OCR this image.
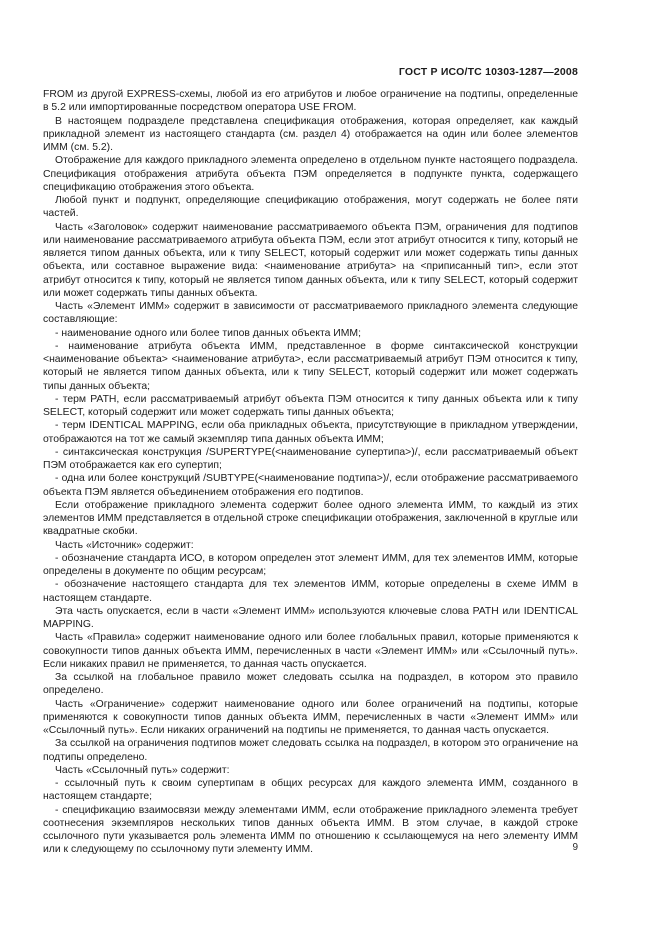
ГОСТ Р ИСО/ТС 10303-1287—2008

FROM из другой EXPRESS-схемы, любой из его атрибутов и любое ограничение на подтипы, определенные в 5.2 или импортированные посредством оператора USE FROM.

В настоящем подразделе представлена спецификация отображения, которая определяет, как каждый прикладной элемент из настоящего стандарта (см. раздел 4) отображается на один или более элементов ИММ (см. 5.2).

Отображение для каждого прикладного элемента определено в отдельном пункте настоящего подраздела. Спецификация отображения атрибута объекта ПЭМ определяется в подпункте пункта, содержащего спецификацию отображения этого объекта.

Любой пункт и подпункт, определяющие спецификацию отображения, могут содержать не более пяти частей.

Часть «Заголовок» содержит наименование рассматриваемого объекта ПЭМ, ограничения для подтипов или наименование рассматриваемого атрибута объекта ПЭМ, если этот атрибут относится к типу, который не является типом данных объекта, или к типу SELECT, который содержит или может содержать типы данных объекта, или составное выражение вида: <наименование атрибута> на <приписанный тип>, если этот атрибут относится к типу, который не является типом данных объекта, или к типу SELECT, который содержит или может содержать типы данных объекта.

Часть «Элемент ИММ» содержит в зависимости от рассматриваемого прикладного элемента следующие составляющие:

- наименование одного или более типов данных объекта ИММ;

- наименование атрибута объекта ИММ, представленное в форме синтаксической конструкции <наименование объекта> <наименование атрибута>, если рассматриваемый атрибут ПЭМ относится к типу, который не является типом данных объекта, или к типу SELECT, который содержит или может содержать типы данных объекта;

- терм PATH, если рассматриваемый атрибут объекта ПЭМ относится к типу данных объекта или к типу SELECT, который содержит или может содержать типы данных объекта;

- терм IDENTICAL MAPPING, если оба прикладных объекта, присутствующие в прикладном утверждении, отображаются на тот же самый экземпляр типа данных объекта ИММ;

- синтаксическая конструкция /SUPERTYPE(<наименование супертипа>)/, если рассматриваемый объект ПЭМ отображается как его супертип;

- одна или более конструкций /SUBTYPE(<наименование подтипа>)/, если отображение рассматриваемого объекта ПЭМ является объединением отображения его подтипов.

Если отображение прикладного элемента содержит более одного элемента ИММ, то каждый из этих элементов ИММ представляется в отдельной строке спецификации отображения, заключенной в круглые или квадратные скобки.

Часть «Источник» содержит:

- обозначение стандарта ИСО, в котором определен этот элемент ИММ, для тех элементов ИММ, которые определены в документе по общим ресурсам;

- обозначение настоящего стандарта для тех элементов ИММ, которые определены в схеме ИММ в настоящем стандарте.

Эта часть опускается, если в части «Элемент ИММ» используются ключевые слова PATH или IDENTICAL MAPPING.

Часть «Правила» содержит наименование одного или более глобальных правил, которые применяются к совокупности типов данных объекта ИММ, перечисленных в части «Элемент ИММ» или «Ссылочный путь». Если никаких правил не применяется, то данная часть опускается.

За ссылкой на глобальное правило может следовать ссылка на подраздел, в котором это правило определено.

Часть «Ограничение» содержит наименование одного или более ограничений на подтипы, которые применяются к совокупности типов данных объекта ИММ, перечисленных в части «Элемент ИММ» или «Ссылочный путь». Если никаких ограничений на подтипы не применяется, то данная часть опускается.

За ссылкой на ограничения подтипов может следовать ссылка на подраздел, в котором это ограничение на подтипы определено.

Часть «Ссылочный путь» содержит:

- ссылочный путь к своим супертипам в общих ресурсах для каждого элемента ИММ, созданного в настоящем стандарте;

- спецификацию взаимосвязи между элементами ИММ, если отображение прикладного элемента требует соотнесения экземпляров нескольких типов данных объекта ИММ. В этом случае, в каждой строке ссылочного пути указывается роль элемента ИММ по отношению к ссылающемуся на него элементу ИММ или к следующему по ссылочному пути элементу ИММ.	9
